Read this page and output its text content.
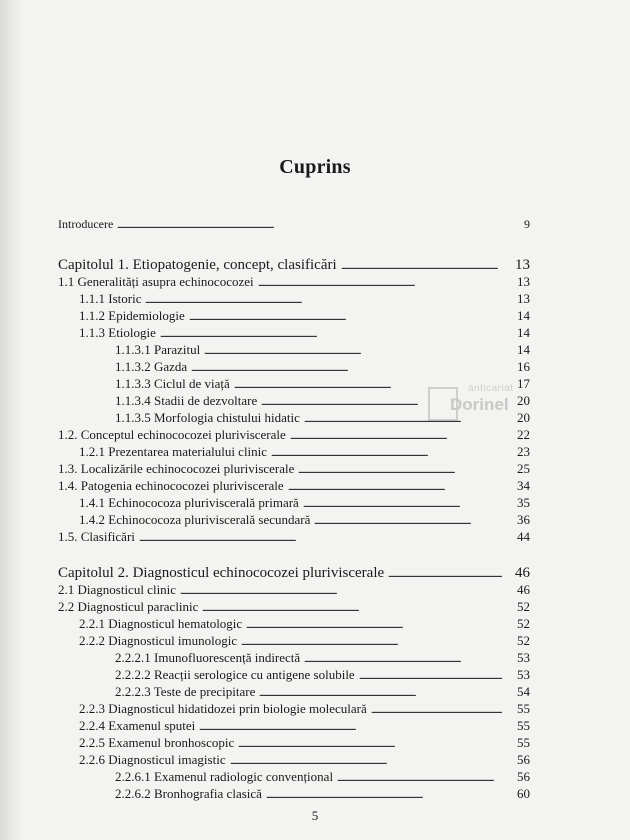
Cuprins
Introducere . . .	9
Capitolul 1. Etiopatogenie, concept, clasificări . . .	13
1.1 Generalități asupra echinococozei . . .	13
1.1.1 Istoric . . .	13
1.1.2 Epidemiologie . . .	14
1.1.3 Etiologie . . .	14
1.1.3.1 Parazitul . . .	14
1.1.3.2 Gazda . . .	16
1.1.3.3 Ciclul de viață . . .	17
1.1.3.4 Stadii de dezvoltare . . .	20
1.1.3.5 Morfologia chistului hidatic . . .	20
1.2. Conceptul echinococozei pluriviscerale . . .	22
1.2.1 Prezentarea materialului clinic . . .	23
1.3. Localizările echinococozei pluriviscerale . . .	25
1.4. Patogenia echinococozei pluriviscerale . . .	34
1.4.1 Echinococoza pluriviscerală primară . . .	35
1.4.2 Echinococoza pluriviscerală secundară . . .	36
1.5. Clasificări . . .	44
Capitolul 2. Diagnosticul echinococozei pluriviscerale . . .	46
2.1 Diagnosticul clinic . . .	46
2.2 Diagnosticul paraclinic . . .	52
2.2.1 Diagnosticul hematologic . . .	52
2.2.2 Diagnosticul imunologic . . .	52
2.2.2.1 Imunofluorescență indirectă . . .	53
2.2.2.2 Reacții serologice cu antigene solubile . . .	53
2.2.2.3 Teste de precipitare . . .	54
2.2.3 Diagnosticul hidatidozei prin biologie moleculară . . .	55
2.2.4 Examenul sputei . . .	55
2.2.5 Examenul bronhoscopic . . .	55
2.2.6 Diagnosticul imagistic . . .	56
2.2.6.1 Examenul radiologic convențional . . .	56
2.2.6.2 Bronhografia clasică . . .	60
anticariat
Dorinel
5
